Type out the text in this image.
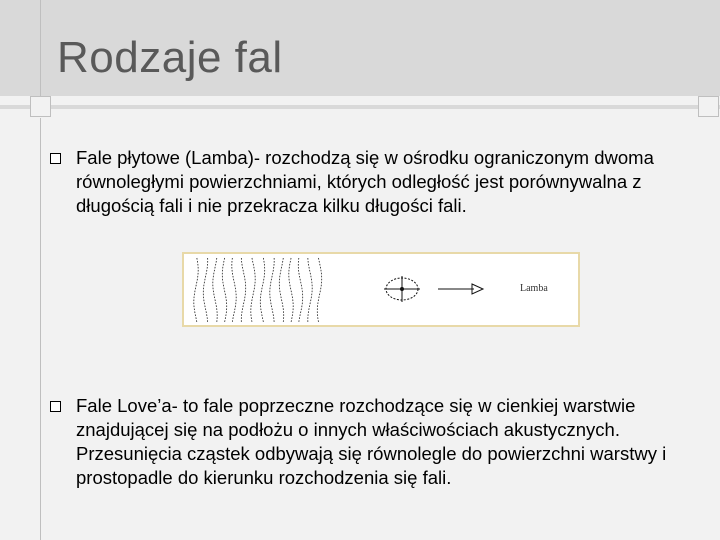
Rodzaje fal
Fale płytowe (Lamba)- rozchodzą się w ośrodku ograniczonym dwoma równoległymi powierzchniami, których odległość jest porównywalna z długością fali i nie przekracza kilku długości fali.
Lamba
Fale Love’a- to fale poprzeczne rozchodzące się w cienkiej warstwie znajdującej się na podłożu o innych właściwościach akustycznych. Przesunięcia cząstek odbywają się równolegle do powierzchni warstwy i prostopadle do kierunku rozchodzenia się fali.
